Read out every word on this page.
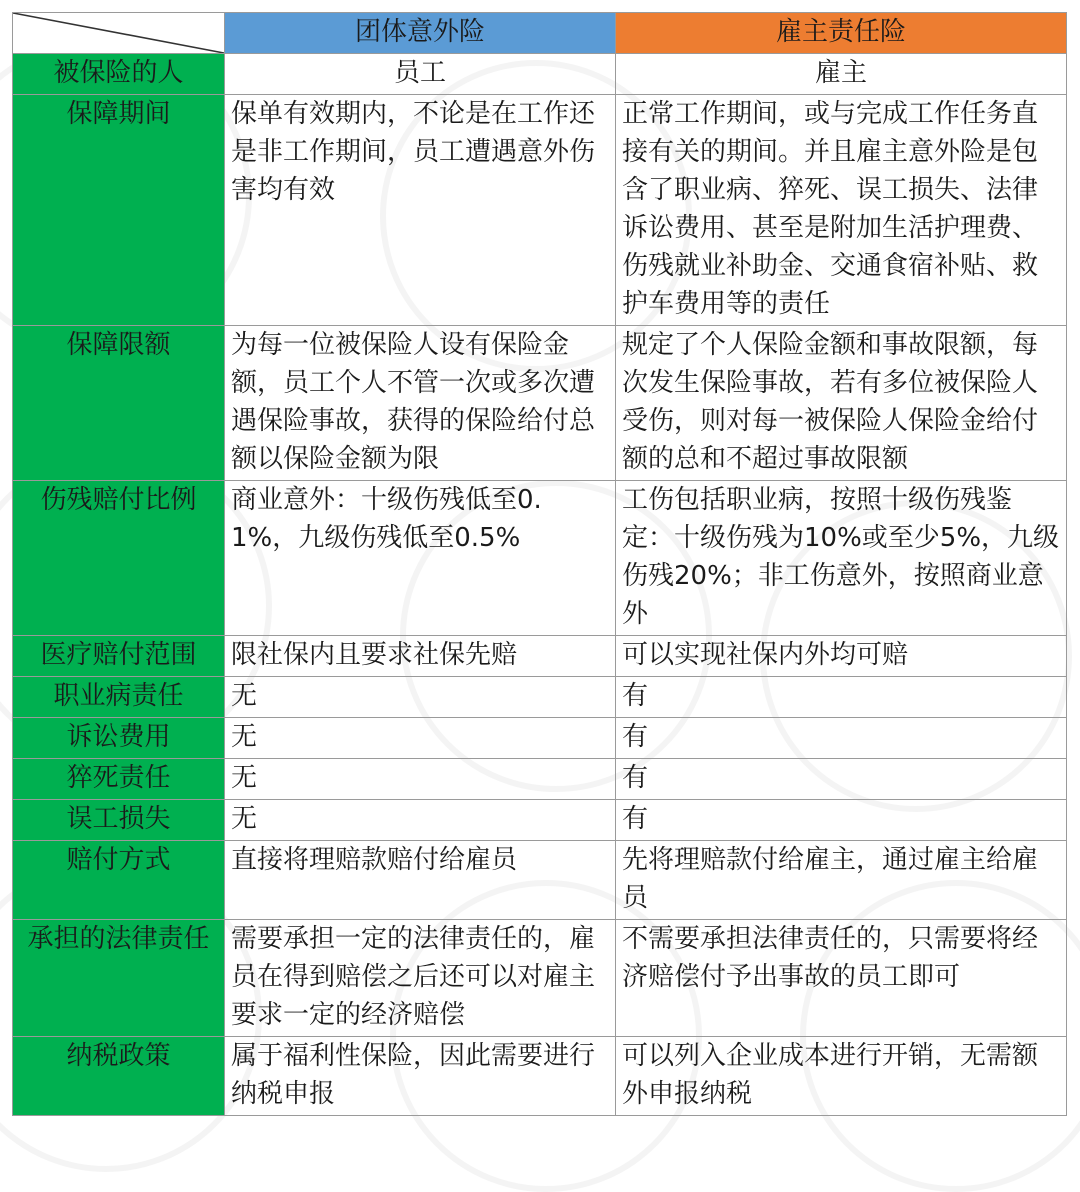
	团体意外险	雇主责任险
被保险的人	员工	雇主
保障期间	保单有效期内，不论是在工作还是非工作期间，员工遭遇意外伤害均有效	正常工作期间，或与完成工作任务直接有关的期间。并且雇主意外险是包含了职业病、猝死、误工损失、法律诉讼费用、甚至是附加生活护理费、伤残就业补助金、交通食宿补贴、救护车费用等的责任
保障限额	为每一位被保险人设有保险金额，员工个人不管一次或多次遭遇保险事故，获得的保险给付总额以保险金额为限	规定了个人保险金额和事故限额，每次发生保险事故，若有多位被保险人受伤，则对每一被保险人保险金给付额的总和不超过事故限额
伤残赔付比例	商业意外：十级伤残低至0.1%，九级伤残低至0.5%	工伤包括职业病，按照十级伤残鉴定：十级伤残为10%或至少5%，九级伤残20%；非工伤意外，按照商业意外
医疗赔付范围	限社保内且要求社保先赔	可以实现社保内外均可赔
职业病责任	无	有
诉讼费用	无	有
猝死责任	无	有
误工损失	无	有
赔付方式	直接将理赔款赔付给雇员	先将理赔款付给雇主，通过雇主给雇员
承担的法律责任	需要承担一定的法律责任的，雇员在得到赔偿之后还可以对雇主要求一定的经济赔偿	不需要承担法律责任的，只需要将经济赔偿付予出事故的员工即可
纳税政策	属于福利性保险，因此需要进行纳税申报	可以列入企业成本进行开销，无需额外申报纳税
